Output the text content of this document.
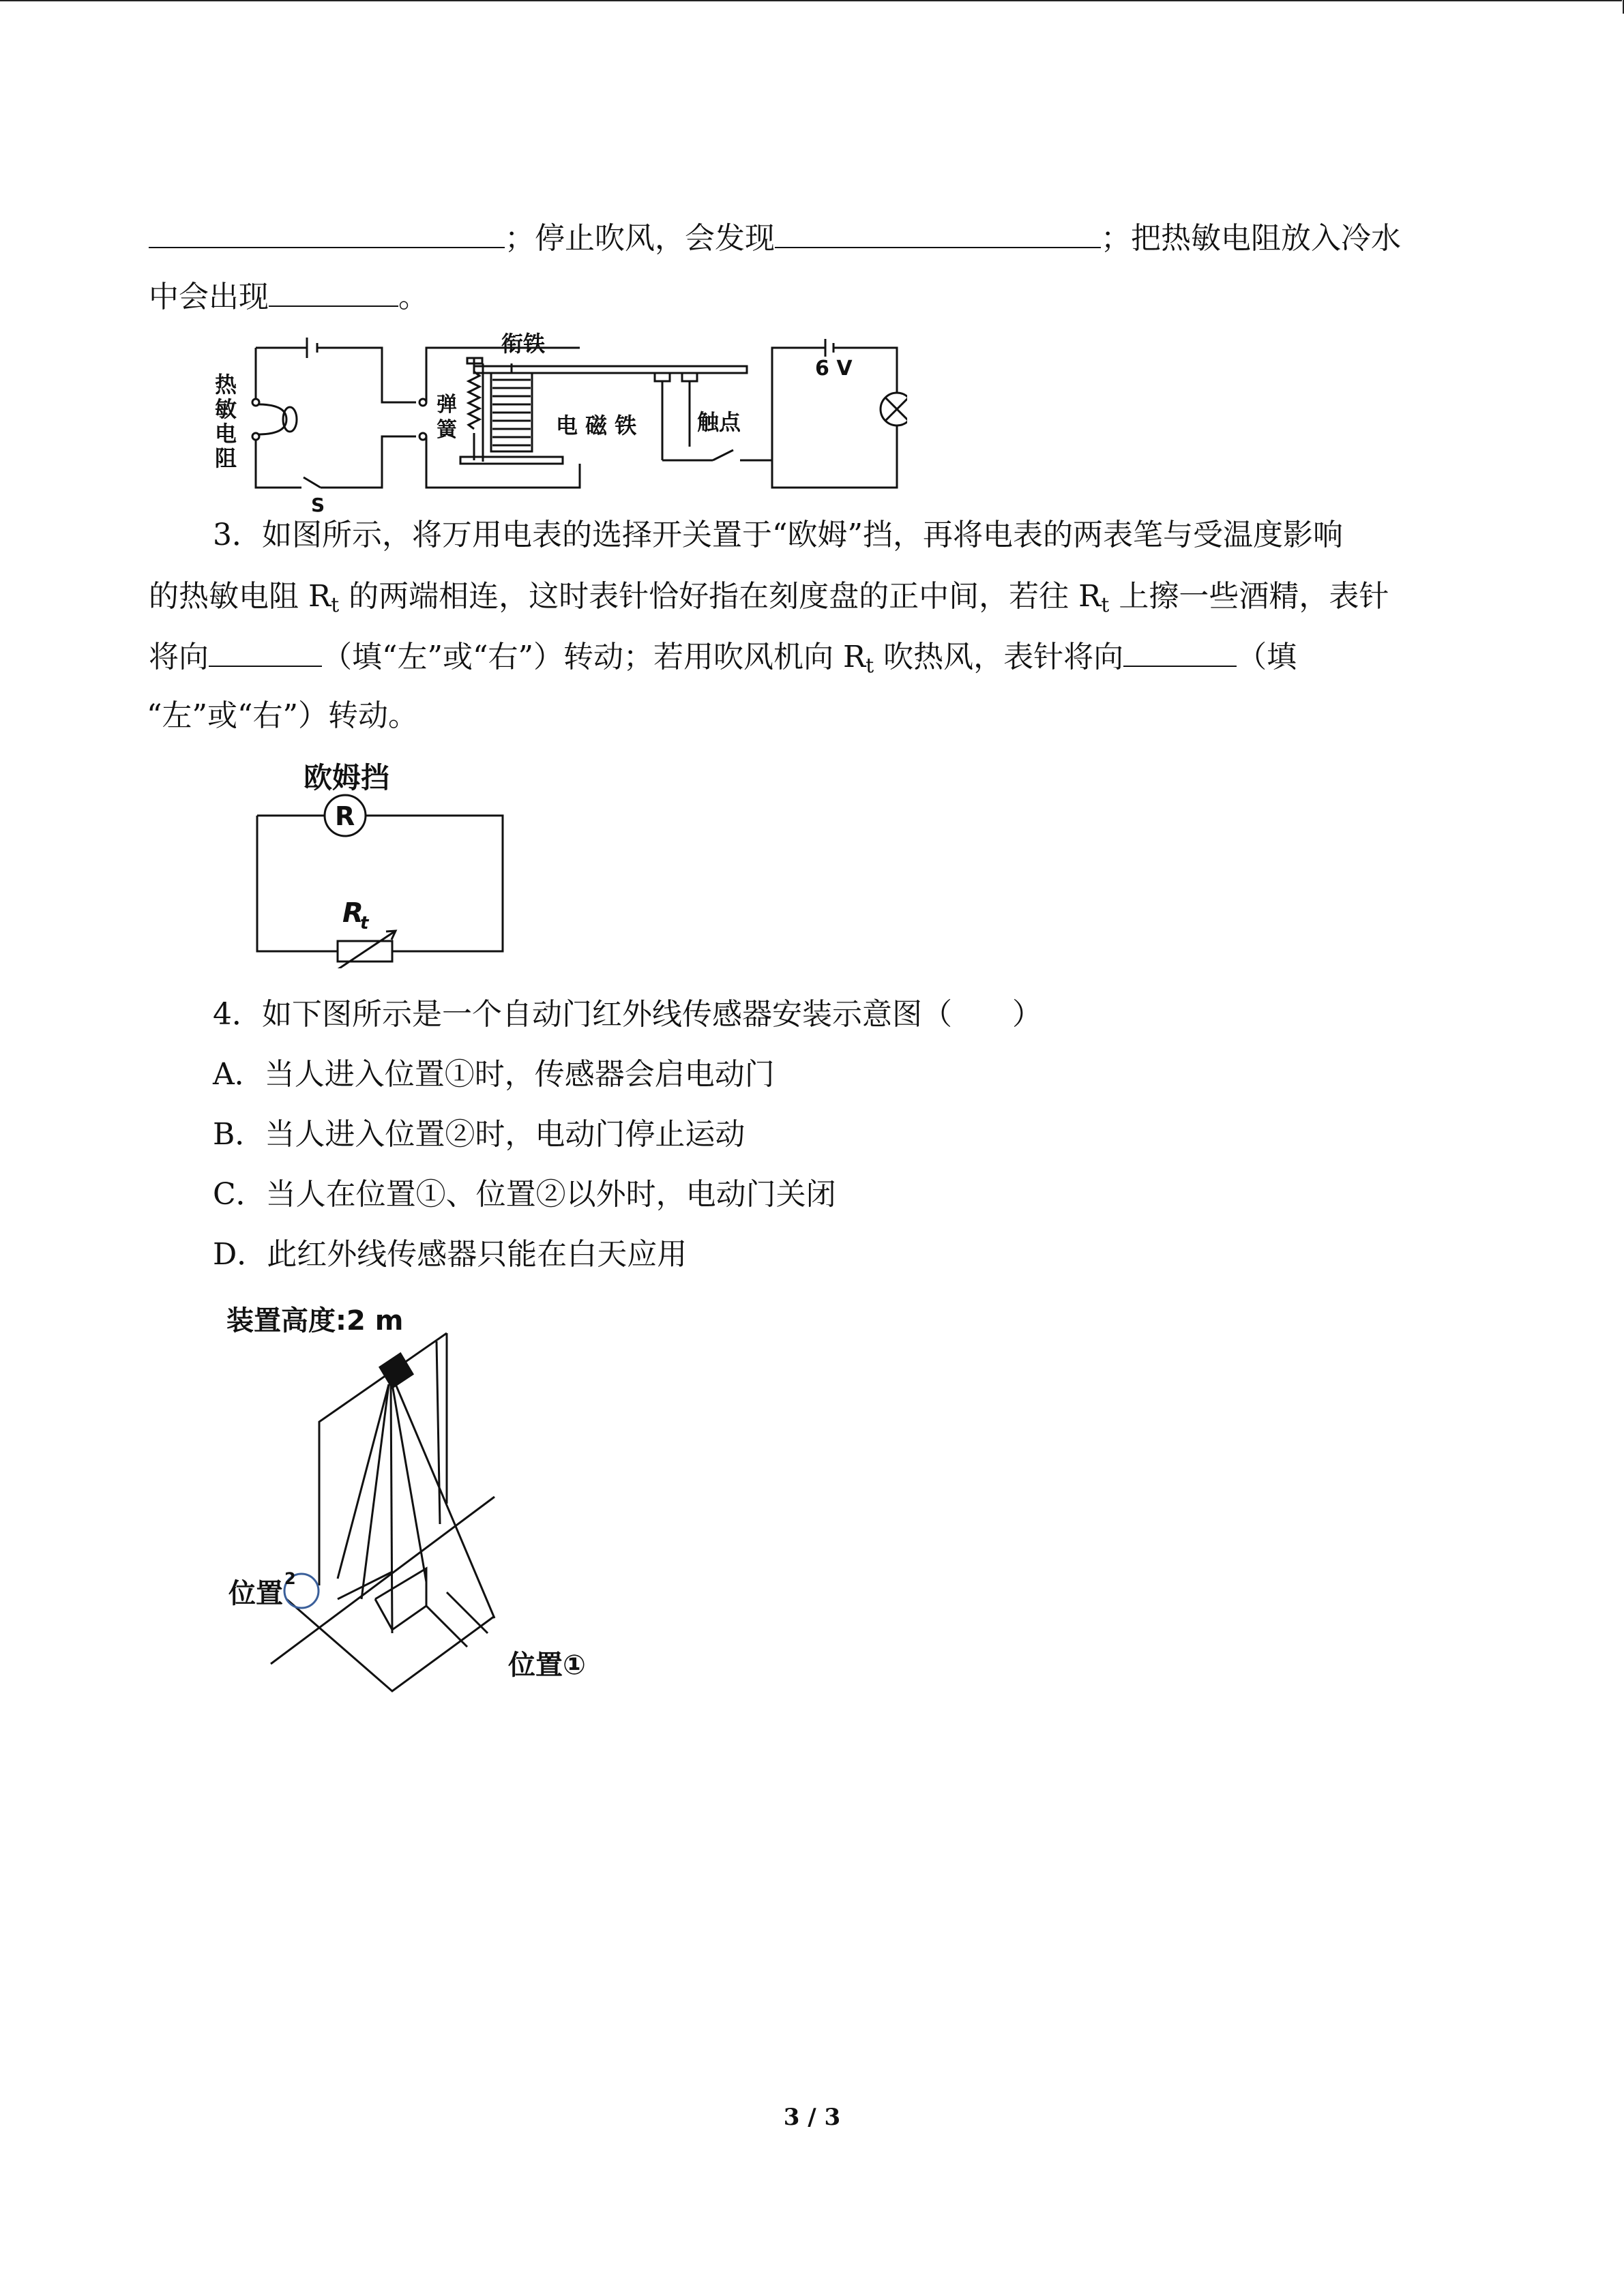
；停止吹风，会发现	；把热敏电阻放入冷水
中会出现	。
热
敏
电
阻
S
衔铁
弹
簧	电 磁 铁	触点
6 V
3．如图所示，将万用电表的选择开关置于“欧姆”挡，再将电表的两表笔与受温度影响
的热敏电阻 $R_t$ 的两端相连，这时表针恰好指在刻度盘的正中间，若往 $R_t$ 上擦一些酒精，表针
将向	（填“左”或“右”）转动；若用吹风机向 $R_t$ 吹热风，表针将向	（填
“左”或“右”）转动。
欧姆挡
R
R
t
4．如下图所示是一个自动门红外线传感器安装示意图（　　）
A．当人进入位置①时，传感器会启电动门
B．当人进入位置②时，电动门停止运动
C．当人在位置①、位置②以外时，电动门关闭
D．此红外线传感器只能在白天应用
装置高度:2 m
位置 2
位置①
3 / 3
